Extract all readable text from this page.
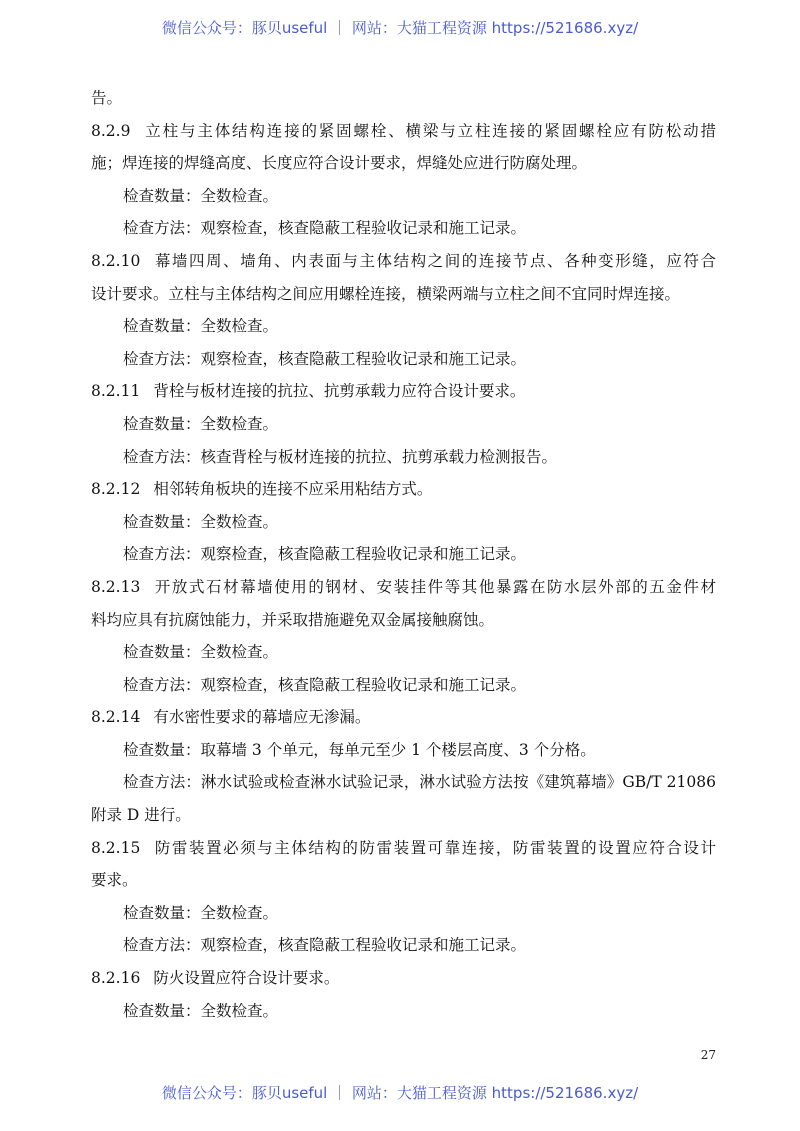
微信公众号：豚贝useful ｜ 网站：大猫工程资源 https://521686.xyz/
告。
8.2.9 立柱与主体结构连接的紧固螺栓、横梁与立柱连接的紧固螺栓应有防松动措
施；焊连接的焊缝高度、长度应符合设计要求，焊缝处应进行防腐处理。
检查数量：全数检查。
检查方法：观察检查，核查隐蔽工程验收记录和施工记录。
8.2.10 幕墙四周、墙角、内表面与主体结构之间的连接节点、各种变形缝，应符合
设计要求。立柱与主体结构之间应用螺栓连接，横梁两端与立柱之间不宜同时焊连接。
检查数量：全数检查。
检查方法：观察检查，核查隐蔽工程验收记录和施工记录。
8.2.11 背栓与板材连接的抗拉、抗剪承载力应符合设计要求。
检查数量：全数检查。
检查方法：核查背栓与板材连接的抗拉、抗剪承载力检测报告。
8.2.12 相邻转角板块的连接不应采用粘结方式。
检查数量：全数检查。
检查方法：观察检查，核查隐蔽工程验收记录和施工记录。
8.2.13 开放式石材幕墙使用的钢材、安装挂件等其他暴露在防水层外部的五金件材
料均应具有抗腐蚀能力，并采取措施避免双金属接触腐蚀。
检查数量：全数检查。
检查方法：观察检查，核查隐蔽工程验收记录和施工记录。
8.2.14 有水密性要求的幕墙应无渗漏。
检查数量：取幕墙 3 个单元，每单元至少 1 个楼层高度、3 个分格。
检查方法：淋水试验或检查淋水试验记录，淋水试验方法按《建筑幕墙》GB/T 21086
附录 D 进行。
8.2.15 防雷装置必须与主体结构的防雷装置可靠连接，防雷装置的设置应符合设计
要求。
检查数量：全数检查。
检查方法：观察检查，核查隐蔽工程验收记录和施工记录。
8.2.16 防火设置应符合设计要求。
检查数量：全数检查。
27
微信公众号：豚贝useful ｜ 网站：大猫工程资源 https://521686.xyz/
